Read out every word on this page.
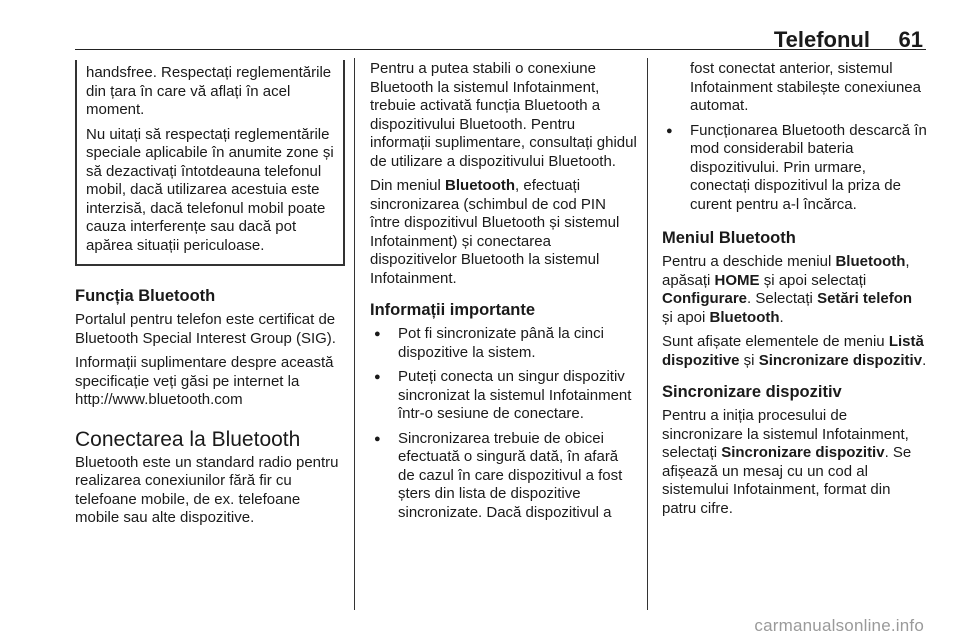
Telefonul 61

handsfree. Respectați reglementările din țara în care vă aflați în acel moment.

Nu uitați să respectați reglementările speciale aplicabile în anumite zone și să dezactivați întotdeauna telefonul mobil, dacă utilizarea acestuia este interzisă, dacă telefonul mobil poate cauza interferențe sau dacă pot apărea situații periculoase.

Funcția Bluetooth

Portalul pentru telefon este certificat de Bluetooth Special Interest Group (SIG).

Informații suplimentare despre această specificație veți găsi pe internet la http://www.bluetooth.com

Conectarea la Bluetooth

Bluetooth este un standard radio pentru realizarea conexiunilor fără fir cu telefoane mobile, de ex. telefoane mobile sau alte dispozitive.

Pentru a putea stabili o conexiune Bluetooth la sistemul Infotainment, trebuie activată funcția Bluetooth a dispozitivului Bluetooth. Pentru informații suplimentare, consultați ghidul de utilizare a dispozitivului Bluetooth.

Din meniul Bluetooth, efectuați sincronizarea (schimbul de cod PIN între dispozitivul Bluetooth și sistemul Infotainment) și conectarea dispozitivelor Bluetooth la sistemul Infotainment.

Informații importante
● Pot fi sincronizate până la cinci dispozitive la sistem.
● Puteți conecta un singur dispozitiv sincronizat la sistemul Infotainment într-o sesiune de conectare.
● Sincronizarea trebuie de obicei efectuată o singură dată, în afară de cazul în care dispozitivul a fost șters din lista de dispozitive sincronizate. Dacă dispozitivul a
fost conectat anterior, sistemul Infotainment stabilește conexiunea automat.
● Funcționarea Bluetooth descarcă în mod considerabil bateria dispozitivului. Prin urmare, conectați dispozitivul la priza de curent pentru a-l încărca.
Meniul Bluetooth

Pentru a deschide meniul Bluetooth, apăsați HOME și apoi selectați Configurare. Selectați Setări telefon și apoi Bluetooth.

Sunt afișate elementele de meniu Listă dispozitive și Sincronizare dispozitiv.

Sincronizare dispozitiv

Pentru a iniția procesului de sincronizare la sistemul Infotainment, selectați Sincronizare dispozitiv. Se afișează un mesaj cu un cod al sistemului Infotainment, format din patru cifre.

carmanualsonline.info
